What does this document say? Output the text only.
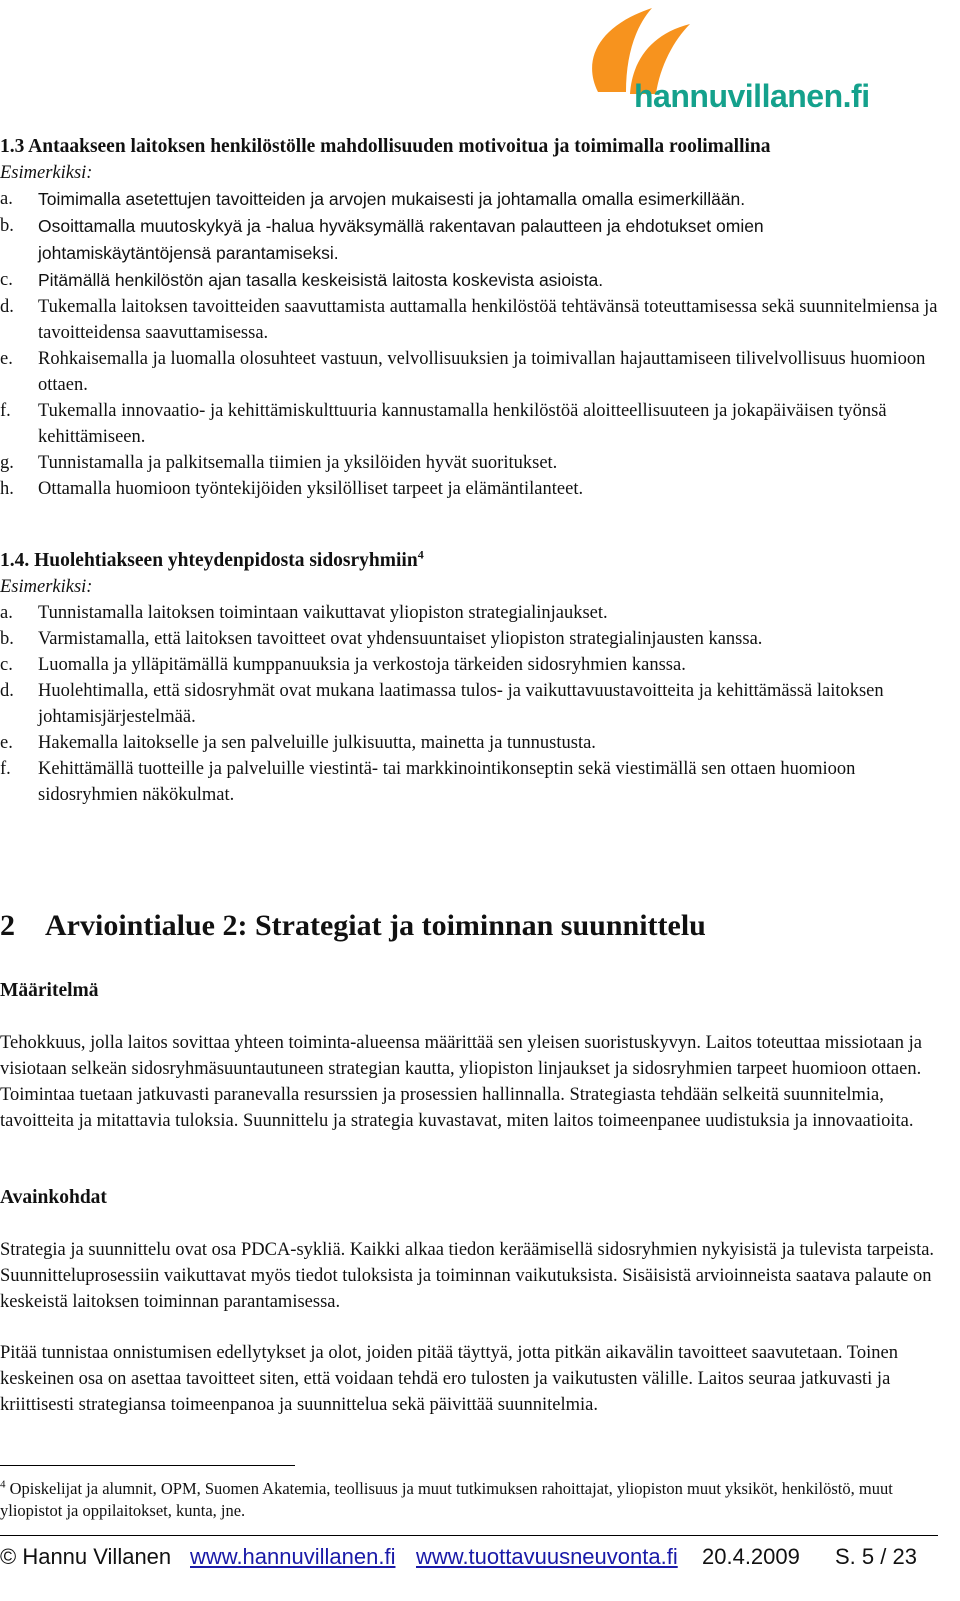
hannuvillanen.fi
1.3 Antaakseen laitoksen henkilöstölle mahdollisuuden motivoitua ja toimimalla roolimallina
Esimerkiksi:
a. Toimimalla asetettujen tavoitteiden ja arvojen mukaisesti ja johtamalla omalla esimerkillään.
b. Osoittamalla muutoskykyä ja -halua hyväksymällä rakentavan palautteen ja ehdotukset omien johtamiskäytäntöjensä parantamiseksi.
c. Pitämällä henkilöstön ajan tasalla keskeisistä laitosta koskevista asioista.
d. Tukemalla laitoksen tavoitteiden saavuttamista auttamalla henkilöstöä tehtävänsä toteuttamisessa sekä suunnitelmiensa ja tavoitteidensa saavuttamisessa.
e. Rohkaisemalla ja luomalla olosuhteet vastuun, velvollisuuksien ja toimivallan hajauttamiseen tilivelvollisuus huomioon ottaen.
f. Tukemalla innovaatio- ja kehittämiskulttuuria kannustamalla henkilöstöä aloitteellisuuteen ja jokapäiväisen työnsä kehittämiseen.
g. Tunnistamalla ja palkitsemalla tiimien ja yksilöiden hyvät suoritukset.
h. Ottamalla huomioon työntekijöiden yksilölliset tarpeet ja elämäntilanteet.
1.4. Huolehtiakseen yhteydenpidosta sidosryhmiin$^4$
Esimerkiksi:
a. Tunnistamalla laitoksen toimintaan vaikuttavat yliopiston strategialinjaukset.
b. Varmistamalla, että laitoksen tavoitteet ovat yhdensuuntaiset yliopiston strategialinjausten kanssa.
c. Luomalla ja ylläpitämällä kumppanuuksia ja verkostoja tärkeiden sidosryhmien kanssa.
d. Huolehtimalla, että sidosryhmät ovat mukana laatimassa tulos- ja vaikuttavuustavoitteita ja kehittämässä laitoksen johtamisjärjestelmää.
e. Hakemalla laitokselle ja sen palveluille julkisuutta, mainetta ja tunnustusta.
f. Kehittämällä tuotteille ja palveluille viestintä- tai markkinointikonseptin sekä viestimällä sen ottaen huomioon sidosryhmien näkökulmat.
2 Arviointialue 2: Strategiat ja toiminnan suunnittelu
Määritelmä
Tehokkuus, jolla laitos sovittaa yhteen toiminta-alueensa määrittää sen yleisen suoristuskyvyn. Laitos toteuttaa missiotaan ja visiotaan selkeän sidosryhmäsuuntautuneen strategian kautta, yliopiston linjaukset ja sidosryhmien tarpeet huomioon ottaen. Toimintaa tuetaan jatkuvasti paranevalla resurssien ja prosessien hallinnalla. Strategiasta tehdään selkeitä suunnitelmia, tavoitteita ja mitattavia tuloksia. Suunnittelu ja strategia kuvastavat, miten laitos toimeenpanee uudistuksia ja innovaatioita.
Avainkohdat
Strategia ja suunnittelu ovat osa PDCA-sykliä. Kaikki alkaa tiedon keräämisellä sidosryhmien nykyisistä ja tulevista tarpeista. Suunnitteluprosessiin vaikuttavat myös tiedot tuloksista ja toiminnan vaikutuksista. Sisäisistä arvioinneista saatava palaute on keskeistä laitoksen toiminnan parantamisessa.
Pitää tunnistaa onnistumisen edellytykset ja olot, joiden pitää täyttyä, jotta pitkän aikavälin tavoitteet saavutetaan. Toinen keskeinen osa on asettaa tavoitteet siten, että voidaan tehdä ero tulosten ja vaikutusten välille. Laitos seuraa jatkuvasti ja kriittisesti strategiansa toimeenpanoa ja suunnittelua sekä päivittää suunnitelmia.
$^4$ Opiskelijat ja alumnit, OPM, Suomen Akatemia, teollisuus ja muut tutkimuksen rahoittajat, yliopiston muut yksiköt, henkilöstö, muut yliopistot ja oppilaitokset, kunta, jne.
© Hannu Villanen www.hannuvillanen.fi www.tuottavuusneuvonta.fi 20.4.2009 S. 5 / 23
